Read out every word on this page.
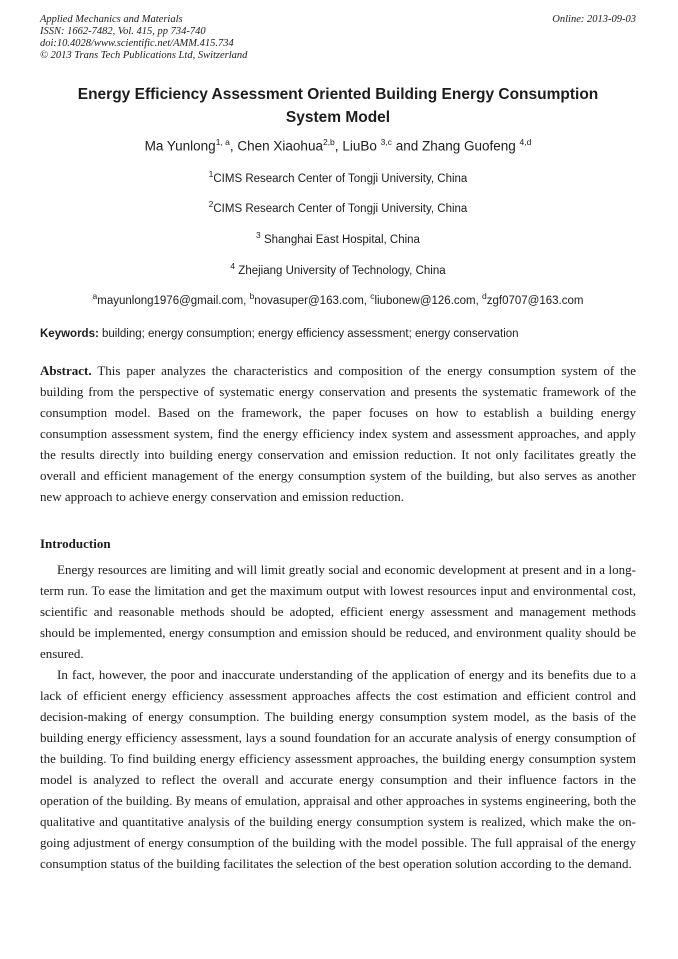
Applied Mechanics and Materials
ISSN: 1662-7482, Vol. 415, pp 734-740
doi:10.4028/www.scientific.net/AMM.415.734
© 2013 Trans Tech Publications Ltd, Switzerland
Online: 2013-09-03
Energy Efficiency Assessment Oriented Building Energy Consumption System Model
Ma Yunlong$^{1, a}$, Chen Xiaohua$^{2,b}$, LiuBo $^{3,c}$ and Zhang Guofeng $^{4,d}$
$^1$CIMS Research Center of Tongji University, China
$^2$CIMS Research Center of Tongji University, China
$^3$ Shanghai East Hospital, China
$^4$ Zhejiang University of Technology, China
$^a$mayunlong1976@gmail.com, $^b$novasuper@163.com, $^c$liubonew@126.com, $^d$zgf0707@163.com

Keywords: building; energy consumption; energy efficiency assessment; energy conservation

Abstract. This paper analyzes the characteristics and composition of the energy consumption system of the building from the perspective of systematic energy conservation and presents the systematic framework of the consumption model. Based on the framework, the paper focuses on how to establish a building energy consumption assessment system, find the energy efficiency index system and assessment approaches, and apply the results directly into building energy conservation and emission reduction. It not only facilitates greatly the overall and efficient management of the energy consumption system of the building, but also serves as another new approach to achieve energy conservation and emission reduction.

Introduction

Energy resources are limiting and will limit greatly social and economic development at present and in a long-term run. To ease the limitation and get the maximum output with lowest resources input and environmental cost, scientific and reasonable methods should be adopted, efficient energy assessment and management methods should be implemented, energy consumption and emission should be reduced, and environment quality should be ensured.

In fact, however, the poor and inaccurate understanding of the application of energy and its benefits due to a lack of efficient energy efficiency assessment approaches affects the cost estimation and efficient control and decision-making of energy consumption. The building energy consumption system model, as the basis of the building energy efficiency assessment, lays a sound foundation for an accurate analysis of energy consumption of the building. To find building energy efficiency assessment approaches, the building energy consumption system model is analyzed to reflect the overall and accurate energy consumption and their influence factors in the operation of the building. By means of emulation, appraisal and other approaches in systems engineering, both the qualitative and quantitative analysis of the building energy consumption system is realized, which make the on-going adjustment of energy consumption of the building with the model possible. The full appraisal of the energy consumption status of the building facilitates the selection of the best operation solution according to the demand.
